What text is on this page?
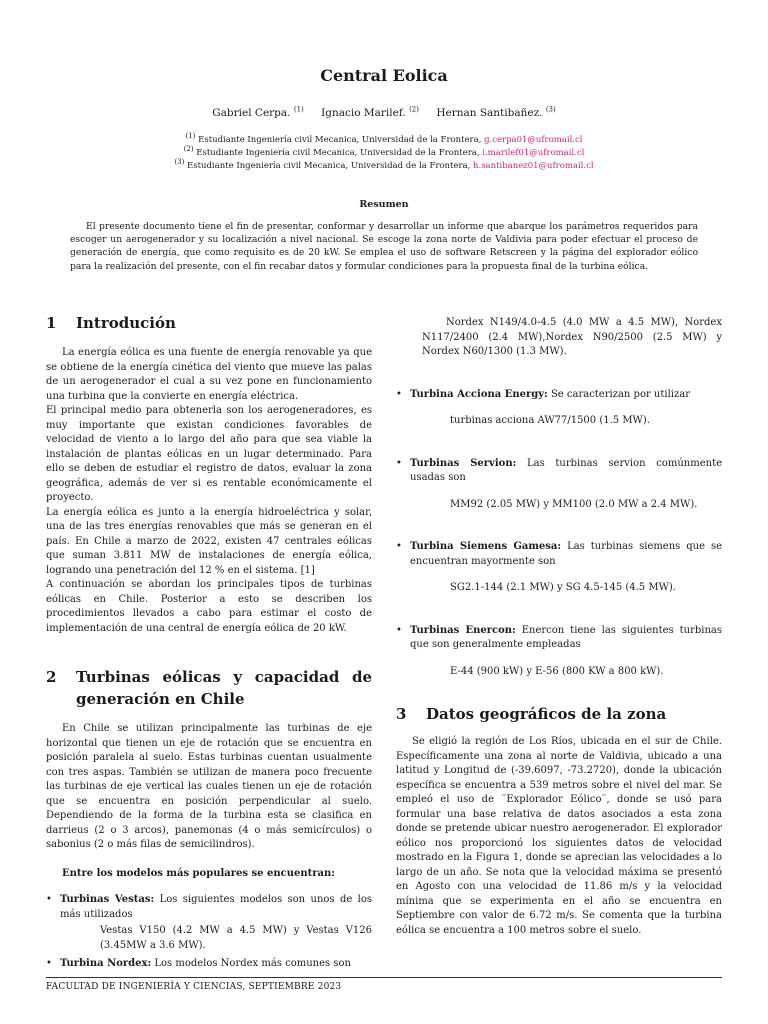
Central Eolica
Gabriel Cerpa. $^{(1)}$ Ignacio Marilef. $^{(2)}$ Hernan Santibañez. $^{(3)}$
$^{(1)}$ Estudiante Ingeniería civil Mecanica, Universidad de la Frontera, g.cerpa01@ufromail.cl
$^{(2)}$ Estudiante Ingeniería civil Mecanica, Universidad de la Frontera, i.marilef01@ufromail.cl
$^{(3)}$ Estudiante Ingeniería civil Mecanica, Universidad de la Frontera, h.santibanez01@ufromail.cl
Resumen
El presente documento tiene el fin de presentar, conformar y desarrollar un informe que abarque los parámetros requeridos para escoger un aerogenerador y su localización a nivel nacional. Se escoge la zona norte de Valdivia para poder efectuar el proceso de generación de energía, que como requisito es de 20 kW. Se emplea el uso de software Retscreen y la página del explorador eólico para la realización del presente, con el fin recabar datos y formular condiciones para la propuesta final de la turbina eólica.
1 Introdución

La energía eólica es una fuente de energía renovable ya que se obtiene de la energía cinética del viento que mueve las palas de un aerogenerador el cual a su vez pone en funcionamiento una turbina que la convierte en energía eléctrica.

El principal medio para obtenerla son los aerogeneradores, es muy importante que existan condiciones favorables de velocidad de viento a lo largo del año para que sea viable la instalación de plantas eólicas en un lugar determinado. Para ello se deben de estudiar el registro de datos, evaluar la zona geográfica, además de ver si es rentable económicamente el proyecto.

La energía eólica es junto a la energía hidroeléctrica y solar, una de las tres energías renovables que más se generan en el país. En Chile a marzo de 2022, existen 47 centrales eólicas que suman 3.811 MW de instalaciones de energía eólica, logrando una penetración del 12 % en el sistema. [1]

A continuación se abordan los principales tipos de turbinas eólicas en Chile. Posterior a esto se describen los procedimientos llevados a cabo para estimar el costo de implementación de una central de energía eólica de 20 kW.

2	Turbinas eólicas y capacidad de generación en Chile

En Chile se utilizan principalmente las turbinas de eje horizontal que tienen un eje de rotación que se encuentra en posición paralela al suelo. Estas turbinas cuentan usualmente con tres aspas. También se utilizan de manera poco frecuente las turbinas de eje vertical las cuales tienen un eje de rotación que se encuentra en posición perpendicular al suelo. Dependiendo de la forma de la turbina esta se clasifica en darrieus (2 o 3 arcos), panemonas (4 o más semicírculos) o sabonius (2 o más filas de semicilindros).

Entre los modelos más populares se encuentran:

• Turbinas Vestas: Los siguientes modelos son unos de los más utilizados
Vestas V150 (4.2 MW a 4.5 MW) y Vestas V126 (3.45MW a 3.6 MW).
• Turbina Nordex: Los modelos Nordex más comunes son

Nordex N149/4.0-4.5 (4.0 MW a 4.5 MW), Nordex N117/2400 (2.4 MW),Nordex N90/2500 (2.5 MW) y Nordex N60/1300 (1.3 MW).

• Turbina Acciona Energy: Se caracterizan por utilizar
turbinas acciona AW77/1500 (1.5 MW).
• Turbinas Servion: Las turbinas servion comúnmente usadas son
MM92 (2.05 MW) y MM100 (2.0 MW a 2.4 MW).
• Turbina Siemens Gamesa: Las turbinas siemens que se encuentran mayormente son
SG2.1-144 (2.1 MW) y SG 4.5-145 (4.5 MW).
• Turbinas Enercon: Enercon tiene las siguientes turbinas que son generalmente empleadas
E-44 (900 kW) y E-56 (800 KW a 800 kW).
3 Datos geográficos de la zona

Se eligió la región de Los Ríos, ubicada en el sur de Chile. Específicamente una zona al norte de Valdivia, ubicado a una latitud y Longitud de (-39.6097, -73.2720), donde la ubicación específica se encuentra a 539 metros sobre el nivel del mar. Se empleó el uso de ¨Explorador Eólico¨, donde se usó para formular una base relativa de datos asociados a esta zona donde se pretende ubicar nuestro aerogenerador. El explorador eólico nos proporcionó los siguientes datos de velocidad mostrado en la Figura 1, donde se aprecian las velocidades a lo largo de un año. Se nota que la velocidad máxima se presentó en Agosto con una velocidad de 11.86 m/s y la velocidad mínima que se experimenta en el año se encuentra en Septiembre con valor de 6.72 m/s. Se comenta que la turbina eólica se encuentra a 100 metros sobre el suelo.

FACULTAD DE INGENIERÍA Y CIENCIAS, SEPTIEMBRE 2023
